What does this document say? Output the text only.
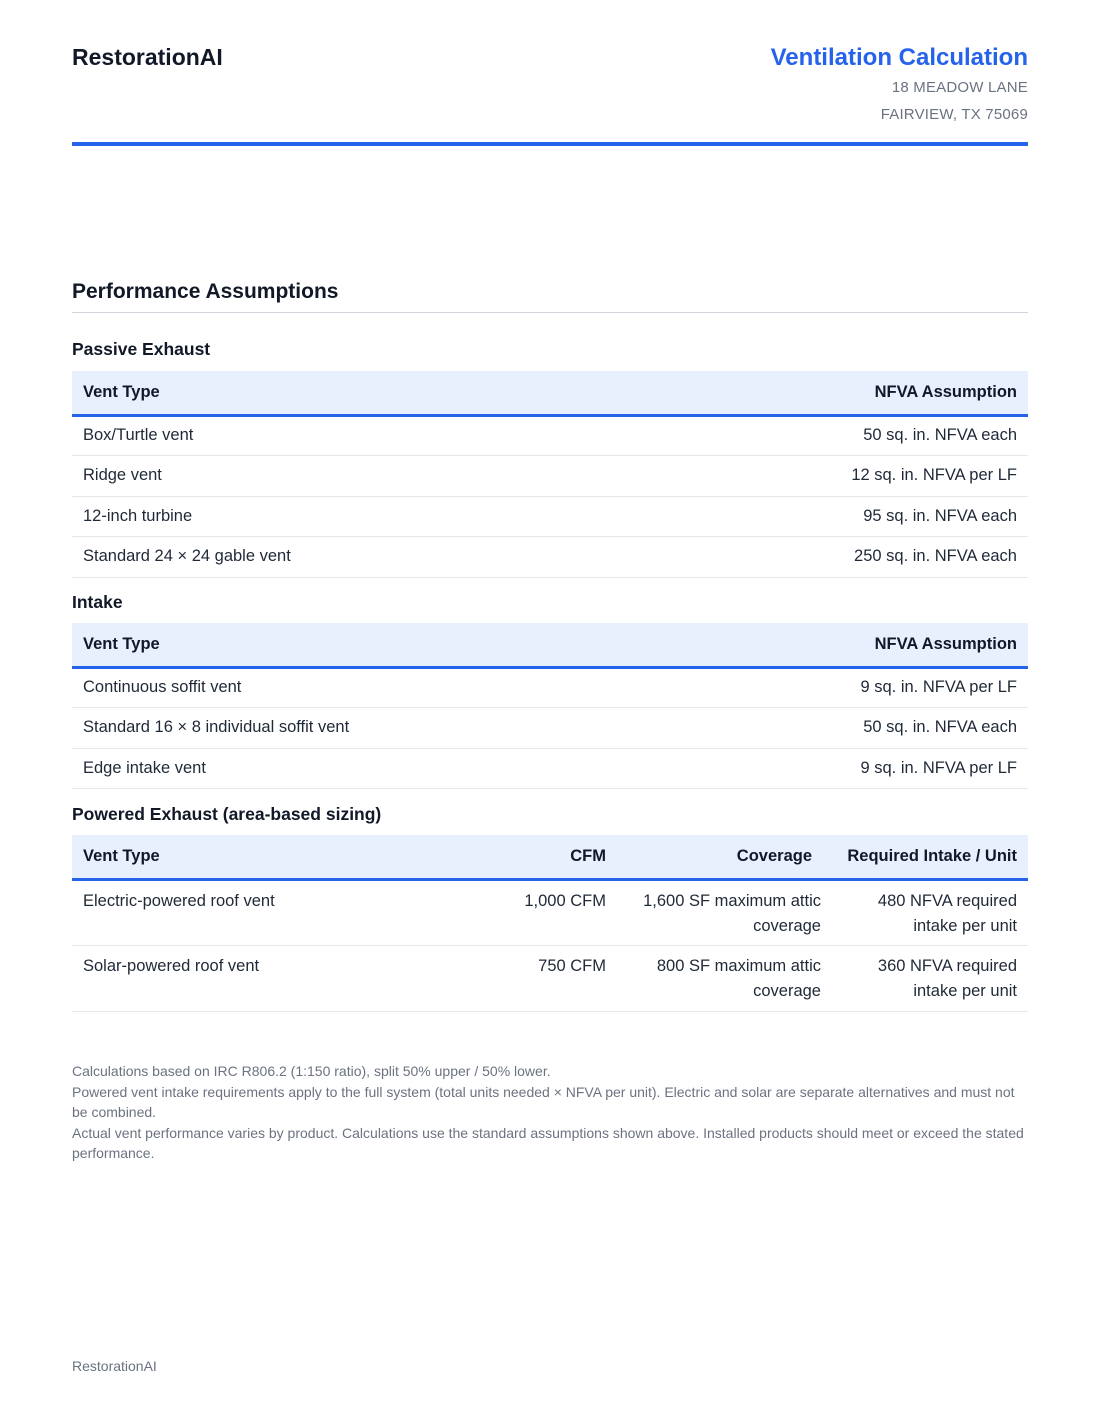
RestorationAI	Ventilation Calculation
18 MEADOW LANE
FAIRVIEW, TX 75069
Performance Assumptions
Passive Exhaust
Vent Type	NFVA Assumption
Box/Turtle vent	50 sq. in. NFVA each
Ridge vent	12 sq. in. NFVA per LF
12-inch turbine	95 sq. in. NFVA each
Standard 24 × 24 gable vent	250 sq. in. NFVA each
Intake
Vent Type	NFVA Assumption
Continuous soffit vent	9 sq. in. NFVA per LF
Standard 16 × 8 individual soffit vent	50 sq. in. NFVA each
Edge intake vent	9 sq. in. NFVA per LF
Powered Exhaust (area-based sizing)
Vent Type	CFM	Coverage	Required Intake / Unit
Electric-powered roof vent	1,000 CFM	1,600 SF maximum attic coverage	480 NFVA required intake per unit
Solar-powered roof vent	750 CFM	800 SF maximum attic coverage	360 NFVA required intake per unit
Calculations based on IRC R806.2 (1:150 ratio), split 50% upper / 50% lower.
Powered vent intake requirements apply to the full system (total units needed × NFVA per unit). Electric and solar are separate alternatives and must not be combined.
Actual vent performance varies by product. Calculations use the standard assumptions shown above. Installed products should meet or exceed the stated performance.
RestorationAI
